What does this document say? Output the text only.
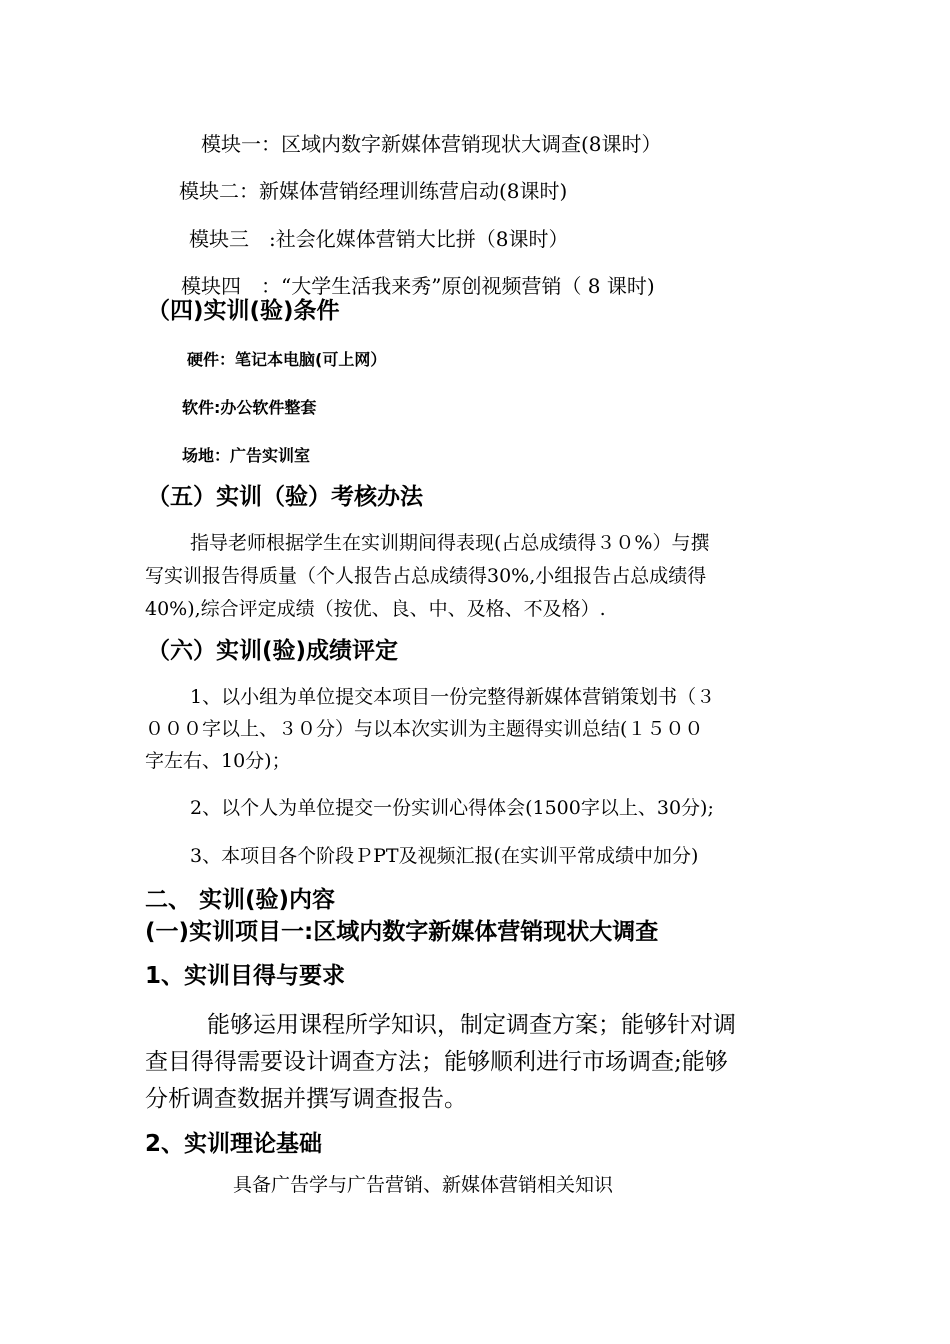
模块一：区域内数字新媒体营销现状大调查(8课时）
模块二：新媒体营销经理训练营启动(8课时)
模块三　:社会化媒体营销大比拼（8课时）
模块四　：“大学生活我来秀”原创视频营销（ 8 课时)
（四)实训(验)条件
硬件：笔记本电脑(可上网）
软件:办公软件整套
场地：广告实训室
（五）实训（验）考核办法
指导老师根据学生在实训期间得表现(占总成绩得３０%）与撰
写实训报告得质量（个人报告占总成绩得30%,小组报告占总成绩得
40%),综合评定成绩（按优、良、中、及格、不及格）.
（六）实训(验)成绩评定
1、以小组为单位提交本项目一份完整得新媒体营销策划书（３
０００字以上、３０分）与以本次实训为主题得实训总结(１５００
字左右、10分)；
2、以个人为单位提交一份实训心得体会(1500字以上、30分);
3、本项目各个阶段ＰPT及视频汇报(在实训平常成绩中加分)
二、 实训(验)内容
(一)实训项目一:区域内数字新媒体营销现状大调查
1、实训目得与要求
能够运用课程所学知识，制定调查方案；能够针对调
查目得得需要设计调查方法；能够顺利进行市场调查;能够
分析调查数据并撰写调查报告。
2、实训理论基础
具备广告学与广告营销、新媒体营销相关知识
